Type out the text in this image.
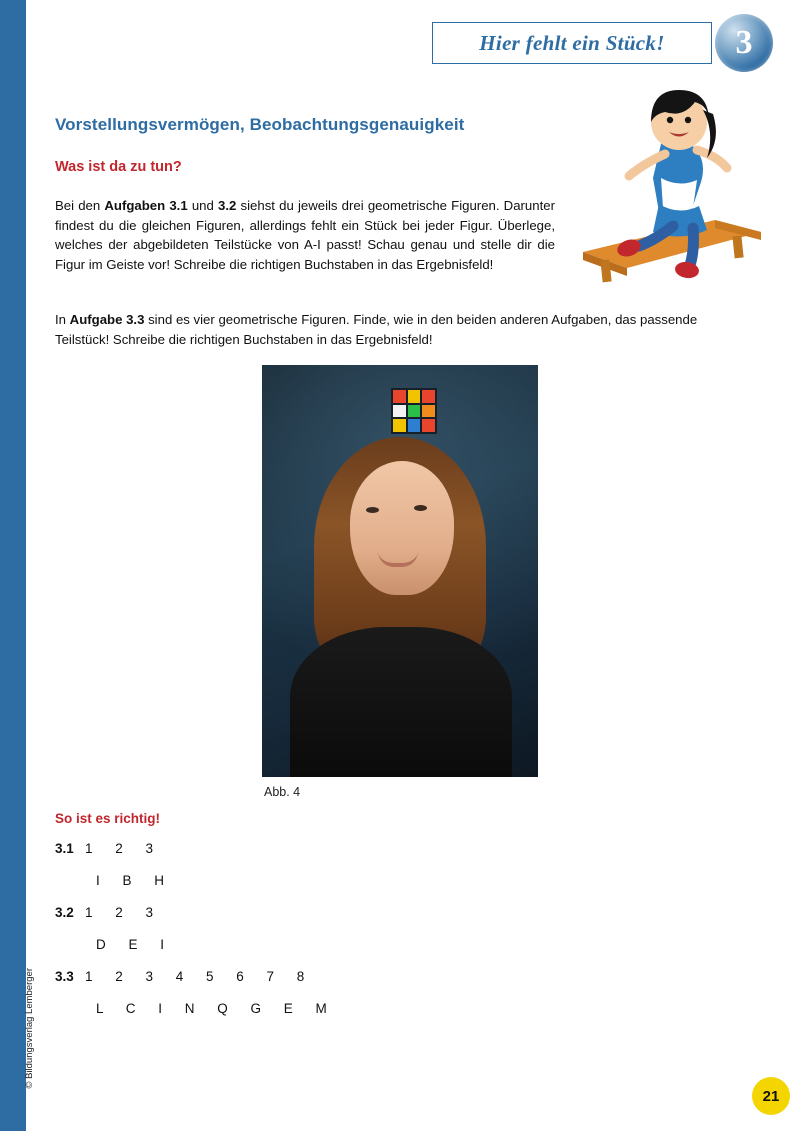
Hier fehlt ein Stück!	3
Vorstellungsvermögen, Beobachtungsgenauigkeit
Was ist da zu tun?
Bei den Aufgaben 3.1 und 3.2 siehst du jeweils drei geometrische Figuren. Darunter findest du die gleichen Figuren, allerdings fehlt ein Stück bei jeder Figur. Überlege, welches der abgebildeten Teilstücke von A-I passt! Schau genau und stelle dir die Figur im Geiste vor! Schreibe die richtigen Buchstaben in das Ergebnisfeld!
In Aufgabe 3.3 sind es vier geometrische Figuren. Finde, wie in den beiden anderen Aufgaben, das passende Teilstück! Schreibe die richtigen Buchstaben in das Ergebnisfeld!
Abb. 4
So ist es richtig!
3.1 1 2 3
I B H
3.2 1 2 3
D E I
3.3 1 2 3 4 5 6 7 8
L C I N Q G E M
© Bildungsverlag Lemberger
21
